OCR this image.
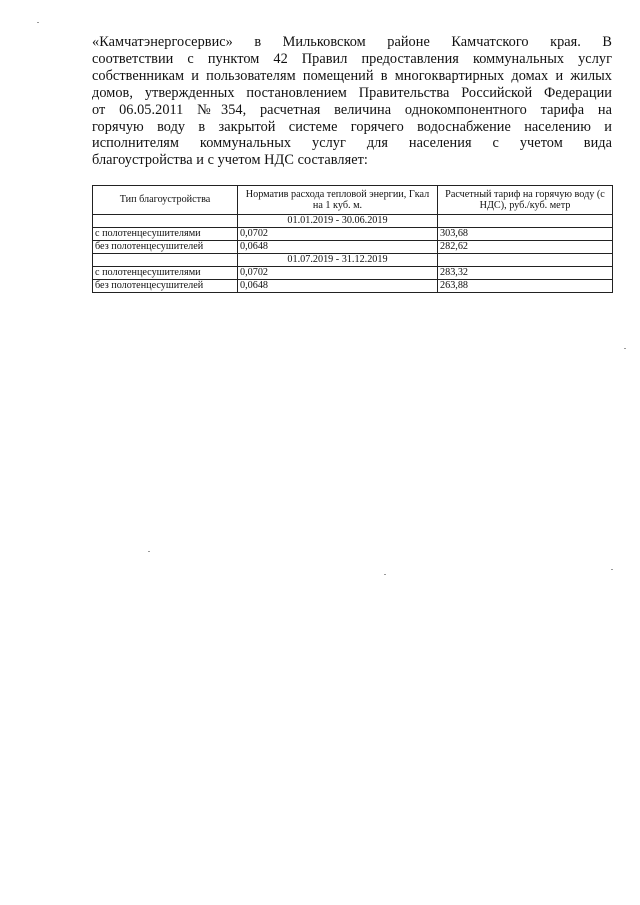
«Камчатэнергосервис» в Мильковском районе Камчатского края. В
соответствии с пунктом 42 Правил предоставления коммунальных услуг
собственникам и пользователям помещений в многоквартирных домах и жилых
домов, утвержденных постановлением Правительства Российской Федерации
от 06.05.2011 №354, расчетная величина однокомпонентного тарифа на
горячую воду в закрытой системе горячего водоснабжение населению и
исполнителям коммунальных услуг для населения с учетом вида
благоустройства и с учетом НДС составляет:
Тип благоустройства	Норматив расхода тепловой энергии, Гкал на 1 куб. м.	Расчетный тариф на горячую воду (с НДС), руб./куб. метр
	01.01.2019 - 30.06.2019	
с полотенцесушителями	0,0702	303,68
без полотенцесушителей	0,0648	282,62
	01.07.2019 - 31.12.2019	
с полотенцесушителями	0,0702	283,32
без полотенцесушителей	0,0648	263,88
